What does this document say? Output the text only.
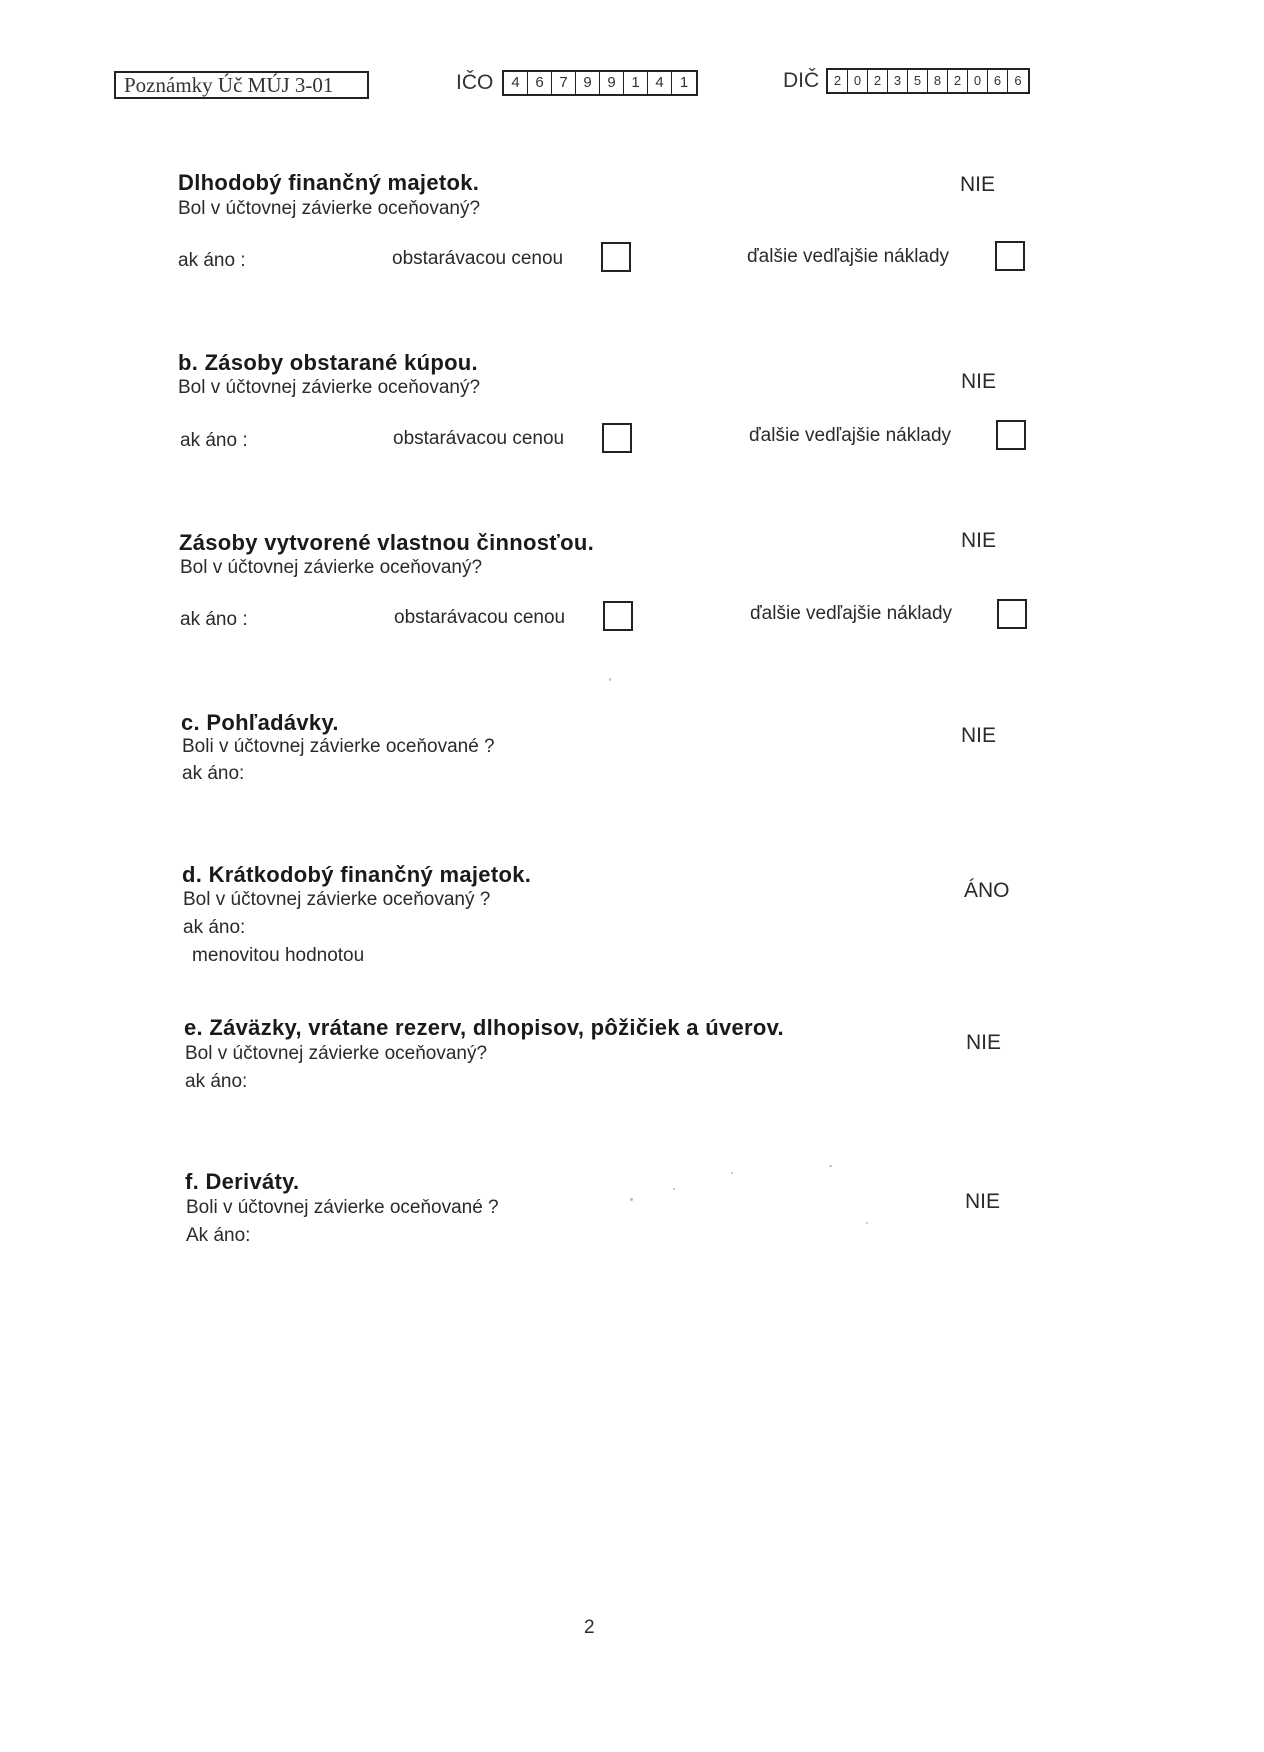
Poznámky Úč MÚJ 3-01	IČO	4	6	7	9	9	1	4	1	DIČ	2 0 2 3 5 8 2 0 6	6
Dlhodobý finančný majetok.
Bol v účtovnej závierke oceňovaný?
NIE
ak áno :	obstarávacou cenou	ďalšie vedľajšie náklady
b. Zásoby obstarané kúpou.
Bol v účtovnej závierke oceňovaný?	NIE
ak áno :	obstarávacou cenou	ďalšie vedľajšie náklady
Zásoby vytvorené vlastnou činnosťou.
Bol v účtovnej závierke oceňovaný?
NIE
ak áno :	obstarávacou cenou	ďalšie vedľajšie náklady
c. Pohľadávky.
Boli v účtovnej závierke oceňované ?	NIE
ak áno:
d. Krátkodobý finančný majetok.
Bol v účtovnej závierke oceňovaný ?	ÁNO
ak áno:
menovitou hodnotou
e. Záväzky, vrátane rezerv, dlhopisov, pôžičiek a úverov.
Bol v účtovnej závierke oceňovaný?	NIE
ak áno:
f. Deriváty.
Boli v účtovnej závierke oceňované ?	NIE
Ak áno:
2
